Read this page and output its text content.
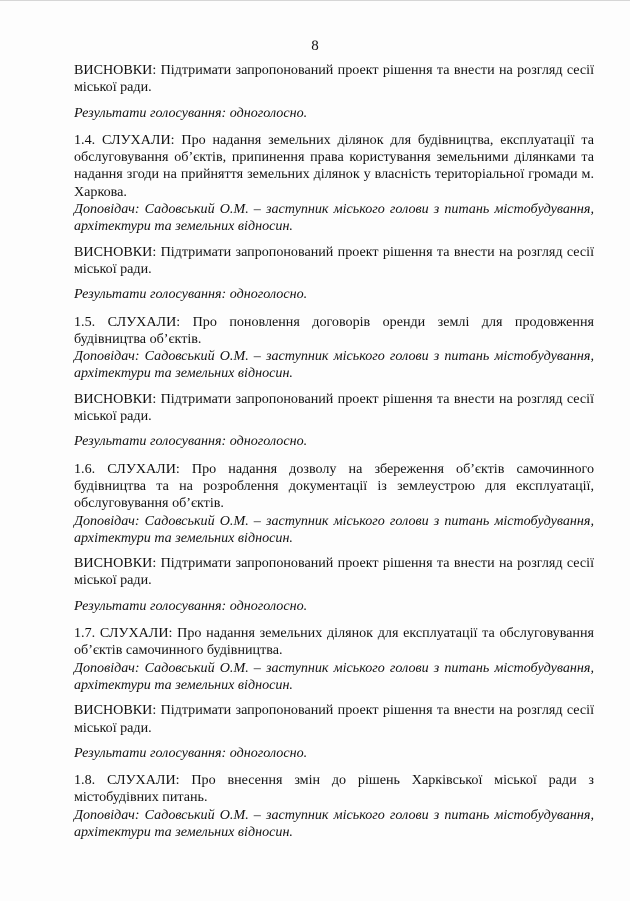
8

ВИСНОВКИ: Підтримати запропонований проект рішення та внести на розгляд сесії міської ради.

Результати голосування: одноголосно.

1.4. СЛУХАЛИ: Про надання земельних ділянок для будівництва, експлуатації та обслуговування об’єктів, припинення права користування земельними ділянками та надання згоди на прийняття земельних ділянок у власність територіальної громади м. Харкова.

Доповідач: Садовський О.М. – заступник міського голови з питань містобудування, архітектури та земельних відносин.

ВИСНОВКИ: Підтримати запропонований проект рішення та внести на розгляд сесії міської ради.

Результати голосування: одноголосно.

1.5. СЛУХАЛИ: Про поновлення договорів оренди землі для продовження будівництва об’єктів.

Доповідач: Садовський О.М. – заступник міського голови з питань містобудування, архітектури та земельних відносин.

ВИСНОВКИ: Підтримати запропонований проект рішення та внести на розгляд сесії міської ради.

Результати голосування: одноголосно.

1.6. СЛУХАЛИ: Про надання дозволу на збереження об’єктів самочинного будівництва та на розроблення документації із землеустрою для експлуатації, обслуговування об’єктів.

Доповідач: Садовський О.М. – заступник міського голови з питань містобудування, архітектури та земельних відносин.

ВИСНОВКИ: Підтримати запропонований проект рішення та внести на розгляд сесії міської ради.

Результати голосування: одноголосно.

1.7. СЛУХАЛИ: Про надання земельних ділянок для експлуатації та обслуговування об’єктів самочинного будівництва.

Доповідач: Садовський О.М. – заступник міського голови з питань містобудування, архітектури та земельних відносин.

ВИСНОВКИ: Підтримати запропонований проект рішення та внести на розгляд сесії міської ради.

Результати голосування: одноголосно.

1.8. СЛУХАЛИ: Про внесення змін до рішень Харківської міської ради з містобудівних питань.

Доповідач: Садовський О.М. – заступник міського голови з питань містобудування, архітектури та земельних відносин.
